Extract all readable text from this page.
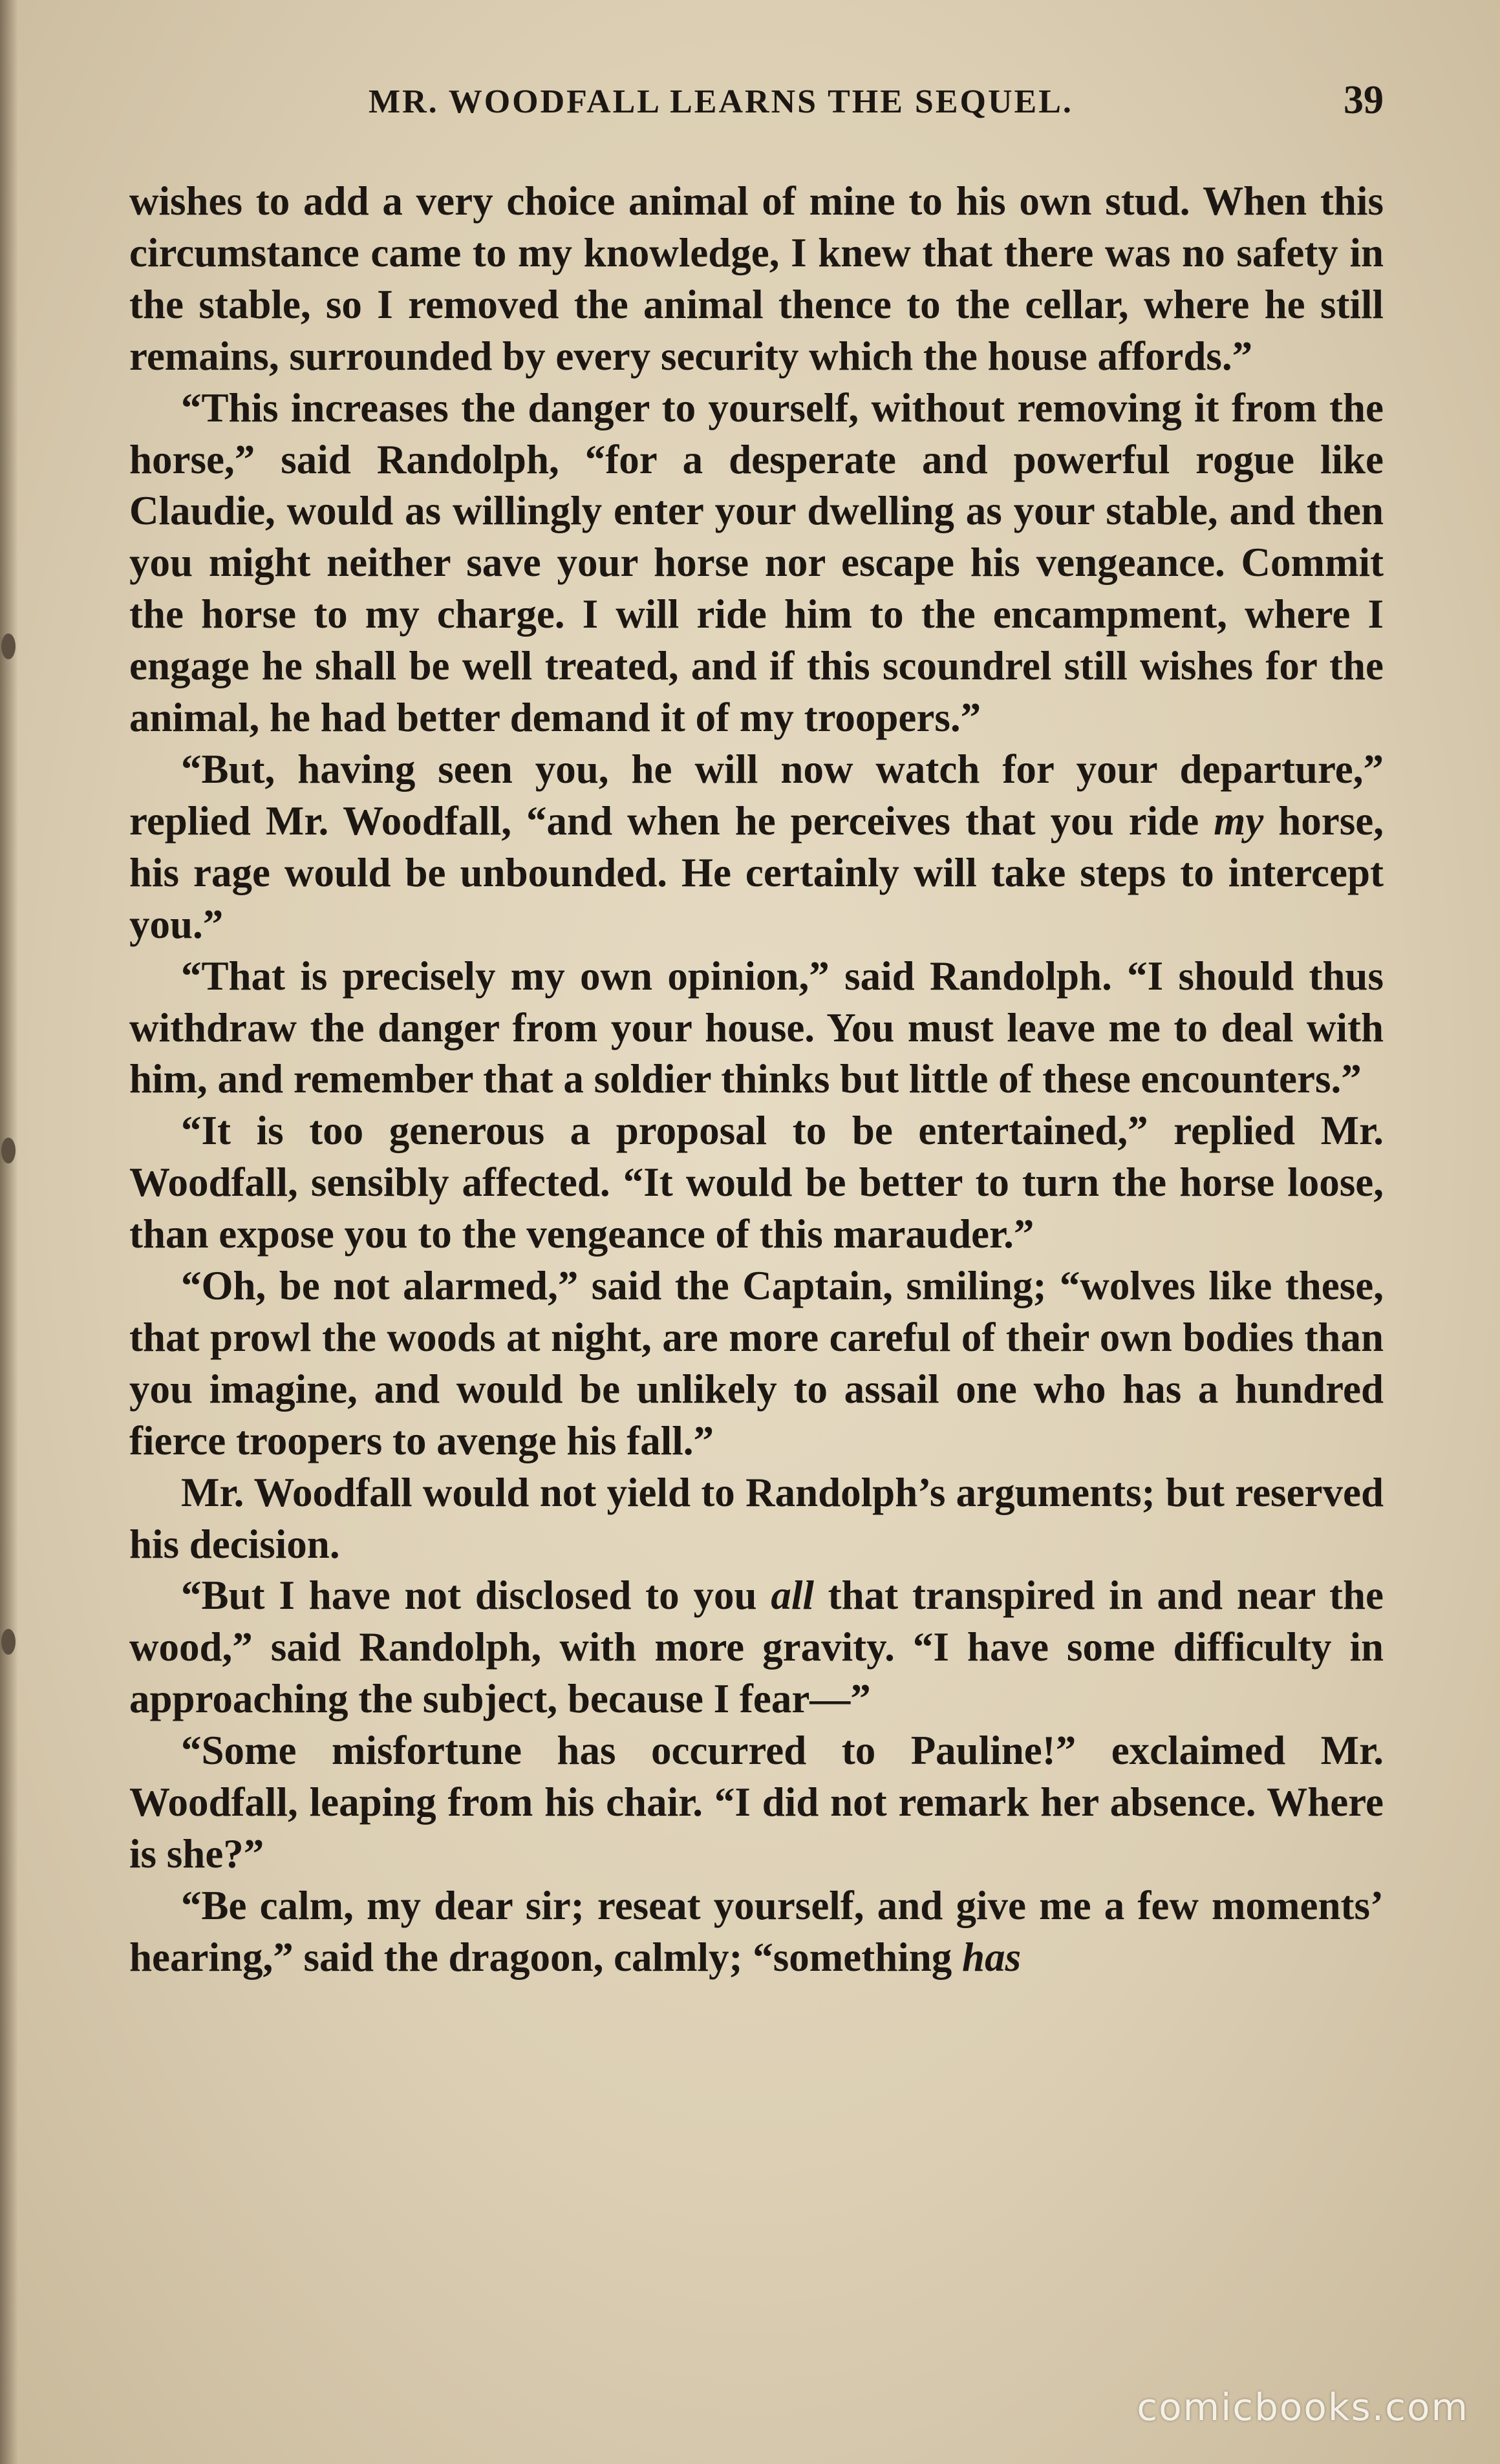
MR. WOODFALL LEARNS THE SEQUEL.	39

wishes to add a very choice animal of mine to his own stud. When this circumstance came to my knowledge, I knew that there was no safety in the stable, so I removed the animal thence to the cellar, where he still remains, surrounded by every security which the house affords.”

“This increases the danger to yourself, without removing it from the horse,” said Randolph, “for a desperate and powerful rogue like Claudie, would as willingly enter your dwelling as your stable, and then you might neither save your horse nor escape his vengeance. Commit the horse to my charge. I will ride him to the encampment, where I engage he shall be well treated, and if this scoundrel still wishes for the animal, he had better demand it of my troopers.”

“But, having seen you, he will now watch for your departure,” replied Mr. Woodfall, “and when he perceives that you ride my horse, his rage would be unbounded. He certainly will take steps to intercept you.”

“That is precisely my own opinion,” said Randolph. “I should thus withdraw the danger from your house. You must leave me to deal with him, and remember that a soldier thinks but little of these encounters.”

“It is too generous a proposal to be entertained,” replied Mr. Woodfall, sensibly affected. “It would be better to turn the horse loose, than expose you to the vengeance of this marauder.”

“Oh, be not alarmed,” said the Captain, smiling; “wolves like these, that prowl the woods at night, are more careful of their own bodies than you imagine, and would be unlikely to assail one who has a hundred fierce troopers to avenge his fall.”

Mr. Woodfall would not yield to Randolph’s arguments; but reserved his decision.

“But I have not disclosed to you all that transpired in and near the wood,” said Randolph, with more gravity. “I have some difficulty in approaching the subject, because I fear—”

“Some misfortune has occurred to Pauline!” exclaimed Mr. Woodfall, leaping from his chair. “I did not remark her absence. Where is she?”

“Be calm, my dear sir; reseat yourself, and give me a few moments’ hearing,” said the dragoon, calmly; “something has

comicbooks.com
